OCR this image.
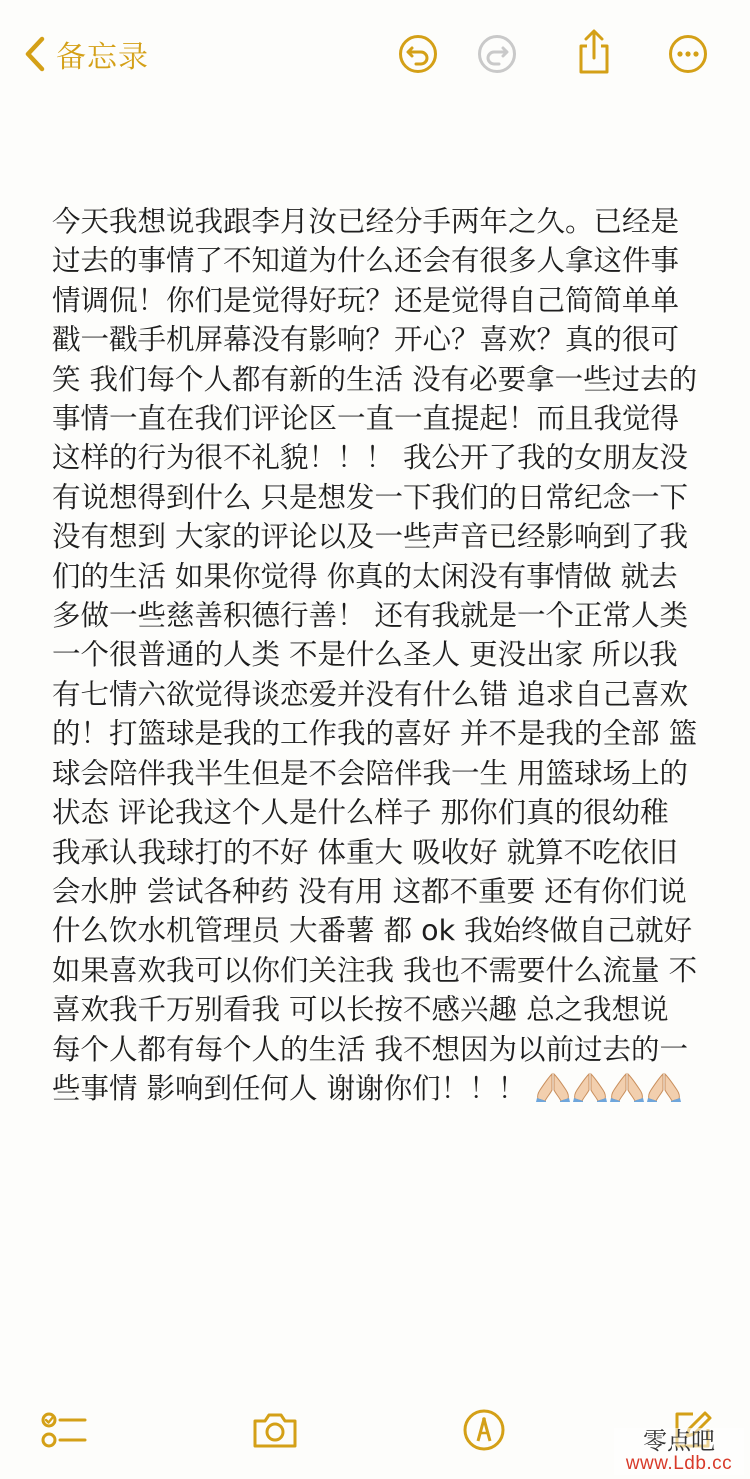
备忘录

今天我想说我跟李月汝已经分手两年之久。已经是过去的事情了不知道为什么还会有很多人拿这件事情调侃！你们是觉得好玩？还是觉得自己简简单单戳一戳手机屏幕没有影响？开心？喜欢？真的很可笑 我们每个人都有新的生活 没有必要拿一些过去的事情一直在我们评论区一直一直提起！而且我觉得这样的行为很不礼貌！！！ 我公开了我的女朋友没有说想得到什么 只是想发一下我们的日常纪念一下 没有想到 大家的评论以及一些声音已经影响到了我们的生活 如果你觉得 你真的太闲没有事情做 就去多做一些慈善积德行善！ 还有我就是一个正常人类 一个很普通的人类 不是什么圣人 更没出家 所以我有七情六欲觉得谈恋爱并没有什么错 追求自己喜欢的！打篮球是我的工作我的喜好 并不是我的全部 篮球会陪伴我半生但是不会陪伴我一生 用篮球场上的状态 评论我这个人是什么样子 那你们真的很幼稚 我承认我球打的不好 体重大 吸收好 就算不吃依旧会水肿 尝试各种药 没有用 这都不重要 还有你们说什么饮水机管理员 大番薯 都 ok 我始终做自己就好 如果喜欢我可以你们关注我 我也不需要什么流量 不喜欢我千万别看我 可以长按不感兴趣 总之我想说 每个人都有每个人的生活 我不想因为以前过去的一些事情 影响到任何人 谢谢你们！！！

零点吧
www.Ldb.cc
